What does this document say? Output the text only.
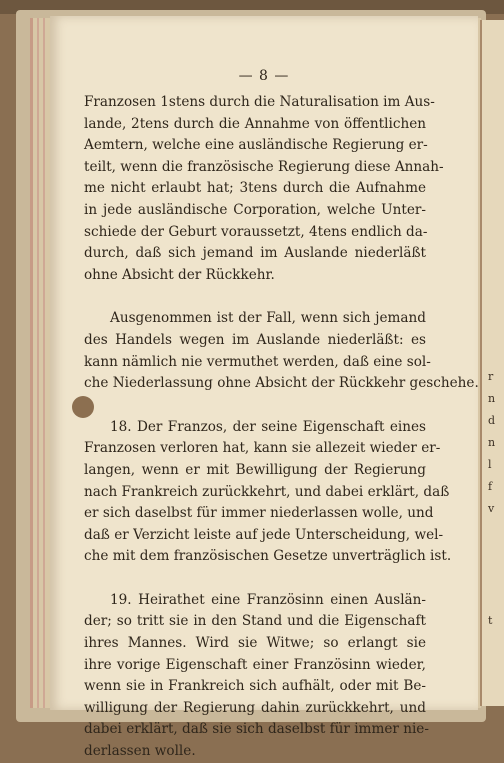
— 8 —

Franzosen 1stens durch die Naturalisation im Aus-
lande, 2tens durch die Annahme von öffentlichen
Aemtern, welche eine ausländische Regierung er-
teilt, wenn die französische Regierung diese Annah-
me nicht erlaubt hat; 3tens durch die Aufnahme
in jede ausländische Corporation, welche Unter-
schiede der Geburt voraussetzt, 4tens endlich da-
durch, daß sich jemand im Auslande niederläßt
ohne Absicht der Rückkehr.

Ausgenommen ist der Fall, wenn sich jemand
des Handels wegen im Auslande niederläßt: es
kann nämlich nie vermuthet werden, daß eine sol-
che Niederlassung ohne Absicht der Rückkehr geschehe.

18. Der Franzos, der seine Eigenschaft eines
Franzosen verloren hat, kann sie allezeit wieder er-
langen, wenn er mit Bewilligung der Regierung
nach Frankreich zurückkehrt, und dabei erklärt, daß
er sich daselbst für immer niederlassen wolle, und
daß er Verzicht leiste auf jede Unterscheidung, wel-
che mit dem französischen Gesetze unverträglich ist.

19. Heirathet eine Französinn einen Auslän-
der; so tritt sie in den Stand und die Eigenschaft
ihres Mannes. Wird sie Witwe; so erlangt sie
ihre vorige Eigenschaft einer Französinn wieder,
wenn sie in Frankreich sich aufhält, oder mit Be-
willigung der Regierung dahin zurückkehrt, und
dabei erklärt, daß sie sich daselbst für immer nie-
derlassen wolle.

r
n
d
n
l
f
v
t
